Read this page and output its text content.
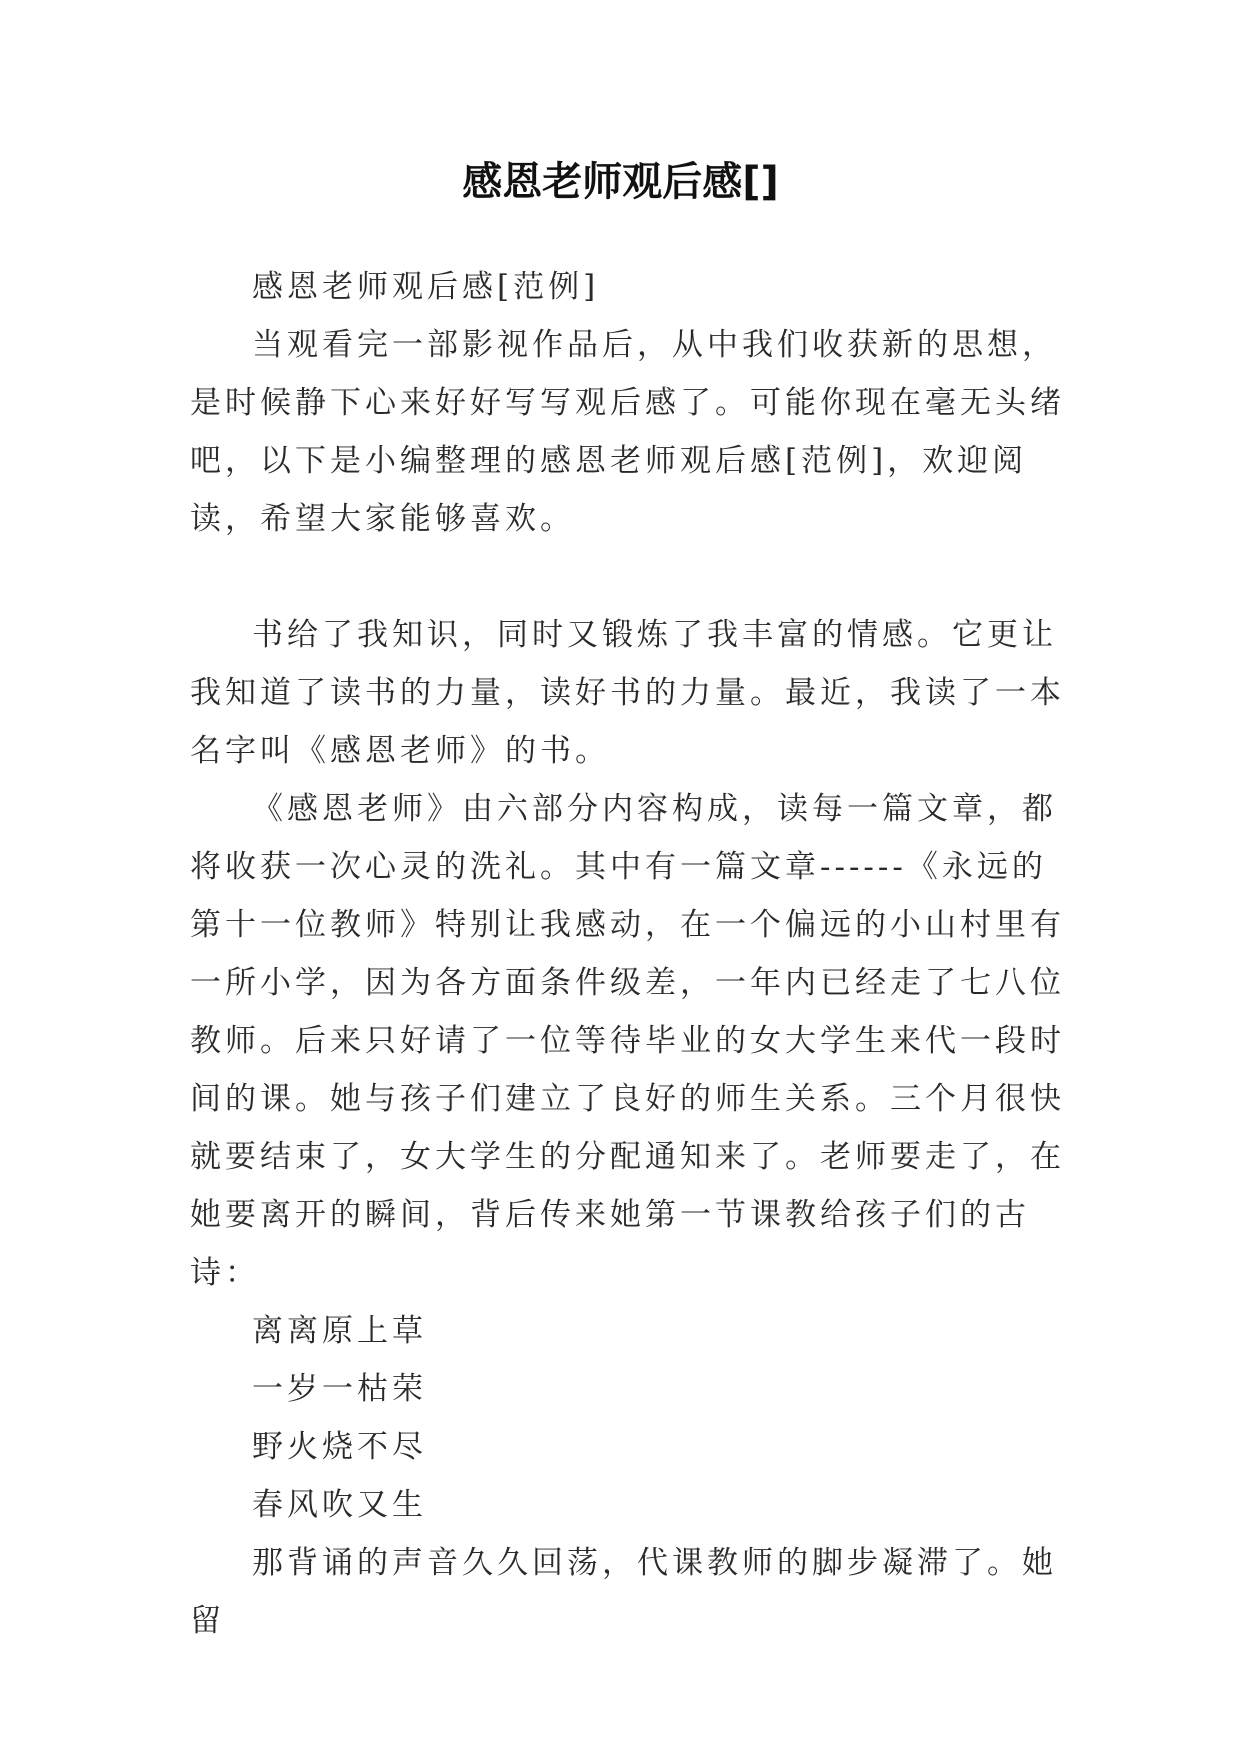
感恩老师观后感[]

感恩老师观后感[范例]

当观看完一部影视作品后，从中我们收获新的思想，是时候静下心来好好写写观后感了。可能你现在毫无头绪吧，以下是小编整理的感恩老师观后感[范例]，欢迎阅读，希望大家能够喜欢。

书给了我知识，同时又锻炼了我丰富的情感。它更让我知道了读书的力量，读好书的力量。最近，我读了一本名字叫《感恩老师》的书。

《感恩老师》由六部分内容构成，读每一篇文章，都将收获一次心灵的洗礼。其中有一篇文章------《永远的第十一位教师》特别让我感动，在一个偏远的小山村里有一所小学，因为各方面条件级差，一年内已经走了七八位教师。后来只好请了一位等待毕业的女大学生来代一段时间的课。她与孩子们建立了良好的师生关系。三个月很快就要结束了，女大学生的分配通知来了。老师要走了，在她要离开的瞬间，背后传来她第一节课教给孩子们的古诗：

离离原上草

一岁一枯荣

野火烧不尽

春风吹又生

那背诵的声音久久回荡，代课教师的脚步凝滞了。她留
